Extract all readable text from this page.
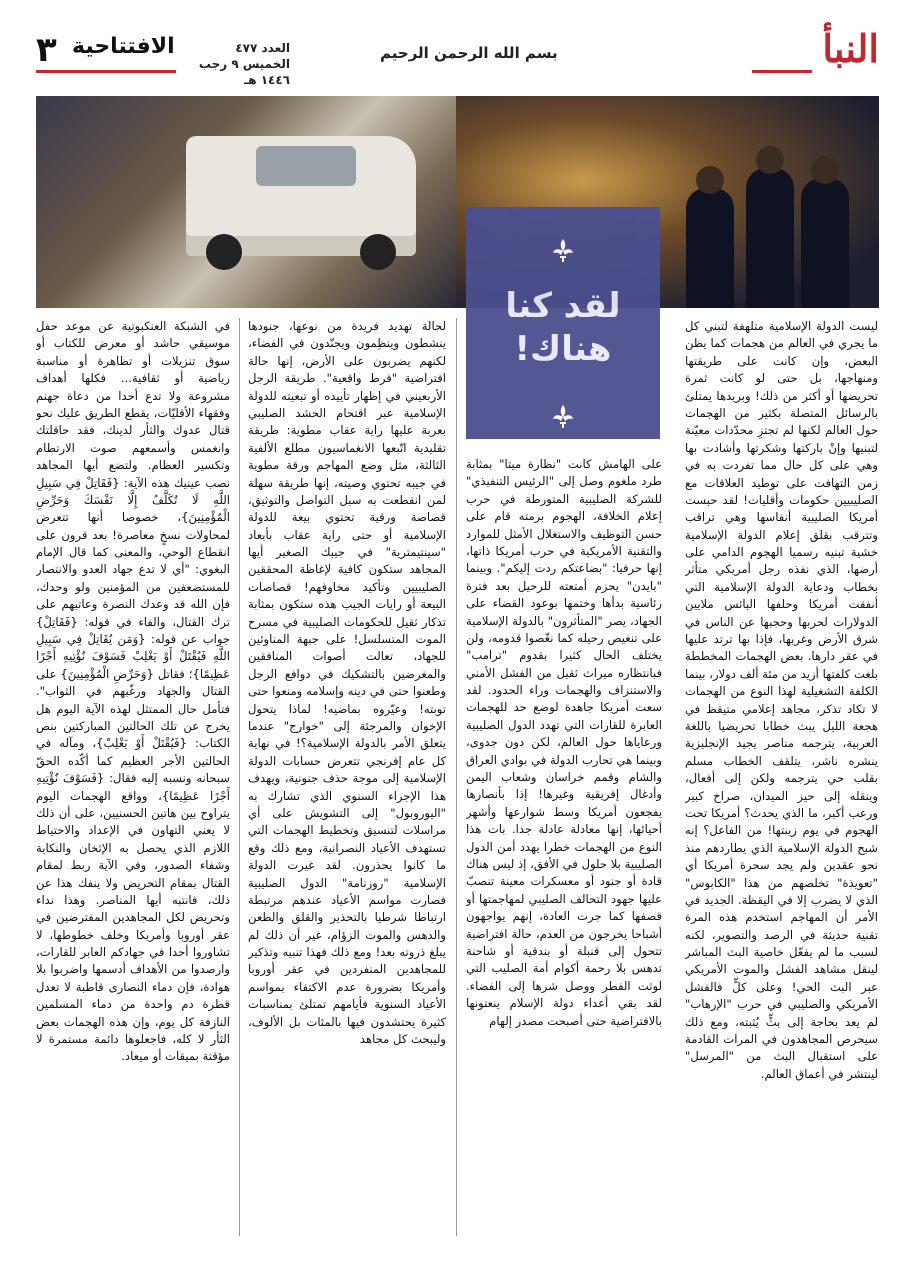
النبأ
بسم الله الرحمن الرحيم
العدد ٤٧٧
الخميس ٩ رجب ١٤٤٦ هـ
الافتتاحية
٣
لقد كنا
هناك!

ليست الدولة الإسلامية متلهفة لتبني كل ما يجري في العالم من هجمات كما يظن البعض، وإن كانت على طريقتها ومنهاجها، بل حتى لو كانت ثمرة تحريضها أو أكثر من ذلك! وبريدها يمتلئ بالرسائل المتصلة بكثير من الهجمات حول العالم لكنها لم تجتزِ محدّدات معيّنة لتبنيها وإنْ باركتها وشكرتها وأشادت بها وهي على كل حال مما تفردت به في زمن التهافت على توطيد العلاقات مع الصليبيين حكومات وأقليات! لقد حبست أمريكا الصليبية أنفاسها وهي تراقب وتترقب بقلق إعلام الدولة الإسلامية خشية تبنيه رسميا الهجوم الدامي على أرضها، الذي نفذه رجل أمريكي متأثر بخطاب ودعاية الدولة الإسلامية التي أنفقت أمريكا وحلفها البائس ملايين الدولارات لحربها وحجبها عن الناس في شرق الأرض وغربها، فإذا بها ترتد عليها في عقر دارها. بعض الهجمات المخططة بلغت كلفتها أزيد من مئة ألف دولار، بينما الكلفة التشغيلية لهذا النوع من الهجمات لا تكاد تذكر، مجاهد إعلامي متيقظ في هجعة الليل يبث خطابا تحريضيا باللغة العربية، يترجمه مناصر يجيد الإنجليزية ينشره ناشر، يتلقف الخطاب مسلم بقلب حي يترجمه ولكن إلى أفعال، وينقله إلى حيز الميدان، صراخ كبير ورعب أكبر، ما الذي يحدث؟ أمريكا تحت الهجوم في يوم زينتها! من الفاعل؟ إنه شبح الدولة الإسلامية الذي يطاردهم منذ نحو عقدين ولم يجد سحرة أمريكا أي "تعويذة" تخلصهم من هذا "الكابوس" الذي لا يضرب إلا في اليقظة. الجديد في الأمر أن المهاجم استخدم هذه المرة تقنية حديثة في الرصد والتصوير، لكنه لسبب ما لم يفعّل خاصية البث المباشر لينقل مشاهد الفشل والموت الأمريكي عبر البث الحي! وعلى كلٍّ فالفشل الأمريكي والصليبي في حرب "الإرهاب" لم يعد بحاجة إلى بثٍّ يُثبته، ومع ذلك سيحرص المجاهدون في المرات القادمة على استقبال البث من "المرسل" لينتشر في أعماق العالم.

على الهامش كانت "نظارة ميتا" بمثابة طرد ملغوم وصل إلى "الرئيس التنفيذي" للشركة الصليبية المتورطة في حرب إعلام الخلافة، الهجوم برمته قام على حسن التوظيف والاستغلال الأمثل للموارد والتقنية الأمريكية في حرب أمريكا ذاتها، إنها حرفيا: "بضاعتكم ردت إليكم". وبينما "بايدن" يحزم أمتعته للرحيل بعد فترة رئاسية بدأها وختمها بوعود القضاء على الجهاد، يصر "المتأثرون" بالدولة الإسلامية على تنغيص رحيله كما نغّصوا قدومه، ولن يختلف الحال كثيرا بقدوم "ترامب" فبانتظاره ميراث ثقيل من الفشل الأمني والاستنزاف والهجمات وراء الحدود. لقد سعت أمريكا جاهدة لوضع حد للهجمات العابرة للقارات التي تهدد الدول الصليبية ورعاياها حول العالم، لكن دون جدوى، وبينما هي تحارب الدولة في بوادي العراق والشام وقمم خراسان وشعاب اليمن وأدغال إفريقية وغيرها! إذا بأنصارها يفجعون أمريكا وسط شوارعها وأشهر أحيائها، إنها معادلة عادلة جدا. بات هذا النوع من الهجمات خطرا يهدد أمن الدول الصليبية بلا حلول في الأفق، إذ ليس هناك قادة أو جنود أو معسكرات معينة تنصبّ عليها جهود التحالف الصليبي لمهاجمتها أو قصفها كما جرت العادة، إنهم يواجهون أشباحا يخرجون من العدم، حالة افتراضية تتحول إلى قنبلة أو بندقية أو شاحنة تدهس بلا رحمة أكوام أمة الصليب التي لوثت الفطر ووصل شرها إلى الفضاء. لقد بقي أعداء دولة الإسلام ينعتونها بالافتراضية حتى أصبحت مصدر إلهام

لحالة تهديد فريدة من نوعها، جنودها ينشطون وينظِمون ويجنّدون في الفضاء، لكنهم يضربون على الأرض، إنها حالة افتراضية "فرط واقعية". طريقة الرجل الأربعيني في إظهار تأييده أو تبعيته للدولة الإسلامية عبر اقتحام الحشد الصليبي بعربة عليها راية عقاب مطوية: طريقة تقليدية اتّبعها الانغماسيون مطلع الألفية الثالثة، مثل وضع المهاجم ورقة مطوية في جيبه تحتوي وصيته، إنها طريقة سهلة لمن انقطعت به سبل التواصل والتوثيق، قصاصة ورقية تحتوي بيعة للدولة الإسلامية أو حتى راية عقاب بأبعاد "سينتيمترية" في جيبك الصغير أيها المجاهد ستكون كافية لإغاظة المحققين الصليبيين وتأكيد مخاوفهم! قصاصات البيعة أو رايات الجيب هذه ستكون بمثابة تذكار ثقيل للحكومات الصليبية في مسرح الموت المتسلسل! على جبهة المناوئين للجهاد، تعالت أصوات المنافقين والمغرضين بالتشكيك في دوافع الرجل وطعنوا حتى في دينه وإسلامه ومنعوا حتى توبته! وعيّروه بماضيه! لماذا يتحول الإخوان والمرجئة إلى "خوارج" عندما يتعلق الأمر بالدولة الإسلامية؟! في نهاية كل عام إفرنجي تتعرض حسابات الدولة الإسلامية إلى موجة حذف جنونية، ويهدف هذا الإجراء السنوي الذي تشارك به "اليوروبول" إلى التشويش على أي مراسلات لتنسيق وتخطيط الهجمات التي تستهدف الأعياد النصرانية، ومع ذلك وقع ما كانوا يحذرون. لقد غيرت الدولة الإسلامية "روزنامة" الدول الصليبية فصارت مواسم الأعياد عندهم مرتبطة ارتباطا شرطيا بالتحذير والقلق والطعن والدهس والموت الزؤام، غير أن ذلك لم يبلغ ذروته بعد! ومع ذلك فهذا تنبيه وتذكير للمجاهدين المنفردين في عقر أوروبا وأمريكا بضرورة عدم الاكتفاء بمواسم الأعياد السنوية فأيامهم تمتلئ بمناسبات كثيرة يحتشدون فيها بالمئات بل الألوف، وليبحث كل مجاهد

في الشبكة العنكبوتية عن موعد حفل موسيقي حاشد أو معرض للكتاب أو سوق تنزيلات أو تظاهرة أو مناسبة رياضية أو ثقافية... فكلها أهداف مشروعة ولا تدع أحدا من دعاة جهنم وفقهاء الأقليّات، يقطع الطريق عليك نحو قتال عدوك والثأر لدينك، فقد حاقلتك وانغمس وأسمعهم صوت الارتطام وتكسير العظام. ولتضع أيها المجاهد نصب عينيك هذه الآية: {فَقَاتِلْ فِي سَبِيلِ اللَّهِ لَا تُكَلَّفُ إِلَّا نَفْسَكَ وَحَرِّضِ الْمُؤْمِنِينَ}، خصوصا أنها تتعرض لمحاولات نسخٍ معاصرة! بعد قرون على انقطاع الوحي، والمعنى كما قال الإمام البغوي: "أي لا تدع جهاد العدو والانتصار للمستضعفين من المؤمنين ولو وحدك، فإن الله قد وعدك النصرة وعاتبهم على ترك القتال، والفاء في قوله: {فَقَاتِلْ} جواب عن قوله: {وَمَن يُقَاتِلْ فِي سَبِيلِ اللَّهِ فَيُقْتَلْ أَوْ يَغْلِبْ فَسَوْفَ نُؤْتِيهِ أَجْرًا عَظِيمًا}؛ فقاتل {وَحَرِّضِ الْمُؤْمِنِينَ} على القتال والجهاد ورغّبهم في الثواب". فتأمل حال الممتثل لهذه الآية اليوم هل يخرج عن تلك الحالتين المباركتين بنص الكتاب: {فَيُقْتَلْ أَوْ يَغْلِبْ}، ومآله في الحالتين الأجر العظيم كما أكّده الحقّ سبحانه ونسبه إليه فقال: {فَسَوْفَ نُؤْتِيهِ أَجْرًا عَظِيمًا}، وواقع الهجمات اليوم يتراوح بين هاتين الحسنيين، على أن ذلك لا يعني التهاون في الإعداد والاحتياط اللازم الذي يحصل به الإثخان والنكاية وشفاء الصدور، وفي الآية ربط لمقام القتال بمقام التحريض ولا ينفك هذا عن ذلك، فانتبه أيها المناصر. وهذا نداء وتحريض لكل المجاهدين المفترضين في عقر أوروبا وأمريكا وخلف خطوطها، لا تشاوروا أحدا في جهادكم العابر للقارات، وارصدوا من الأهداف أدسمها واضربوا بلا هوادة، فإن دماء النصارى قاطبة لا تعدل قطرة دم واحدة من دماء المسلمين النازفة كل يوم، وإن هذه الهجمات بعض الثأر لا كله، فاجعلوها دائمة مستمرة لا مؤقتة بميقات أو ميعاد.
